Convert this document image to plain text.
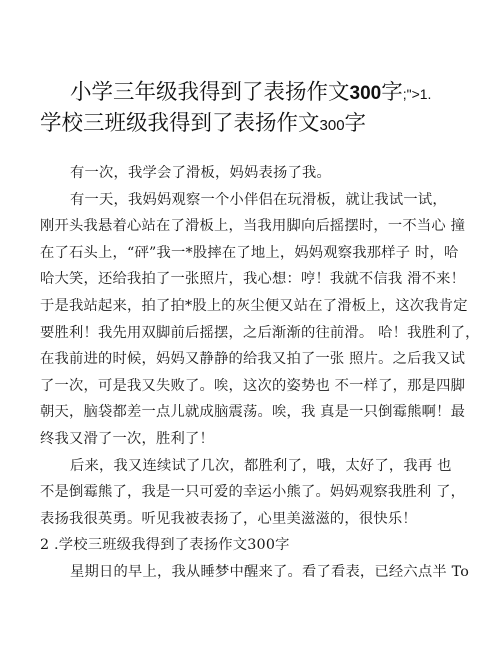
小学三年级我得到了表扬作文300字;">1.
学校三班级我得到了表扬作文300字
有一次，我学会了滑板，妈妈表扬了我。
有一天，我妈妈观察一个小伴侣在玩滑板，就让我试一试，
刚开头我悬着心站在了滑板上，当我用脚向后摇摆时，一不当心 撞
在了石头上，“砰”我一*股摔在了地上，妈妈观察我那样子 时，哈
哈大笑，还给我拍了一张照片，我心想：哼！我就不信我 滑不来！
于是我站起来，拍了拍*股上的灰尘便又站在了滑板上，这次我肯定
要胜利！我先用双脚前后摇摆，之后渐渐的往前滑。 哈！我胜利了，
在我前进的时候，妈妈又静静的给我又拍了一张 照片。之后我又试
了一次，可是我又失败了。唉，这次的姿势也 不一样了，那是四脚
朝天，脑袋都差一点儿就成脑震荡。唉，我 真是一只倒霉熊啊！最
终我又滑了一次，胜利了！
后来，我又连续试了几次，都胜利了，哦，太好了，我再 也
不是倒霉熊了，我是一只可爱的幸运小熊了。妈妈观察我胜利 了，
表扬我很英勇。听见我被表扬了，心里美滋滋的，很快乐！
2 .学校三班级我得到了表扬作文300字
星期日的早上，我从睡梦中醒来了。看了看表，已经六点半 To
